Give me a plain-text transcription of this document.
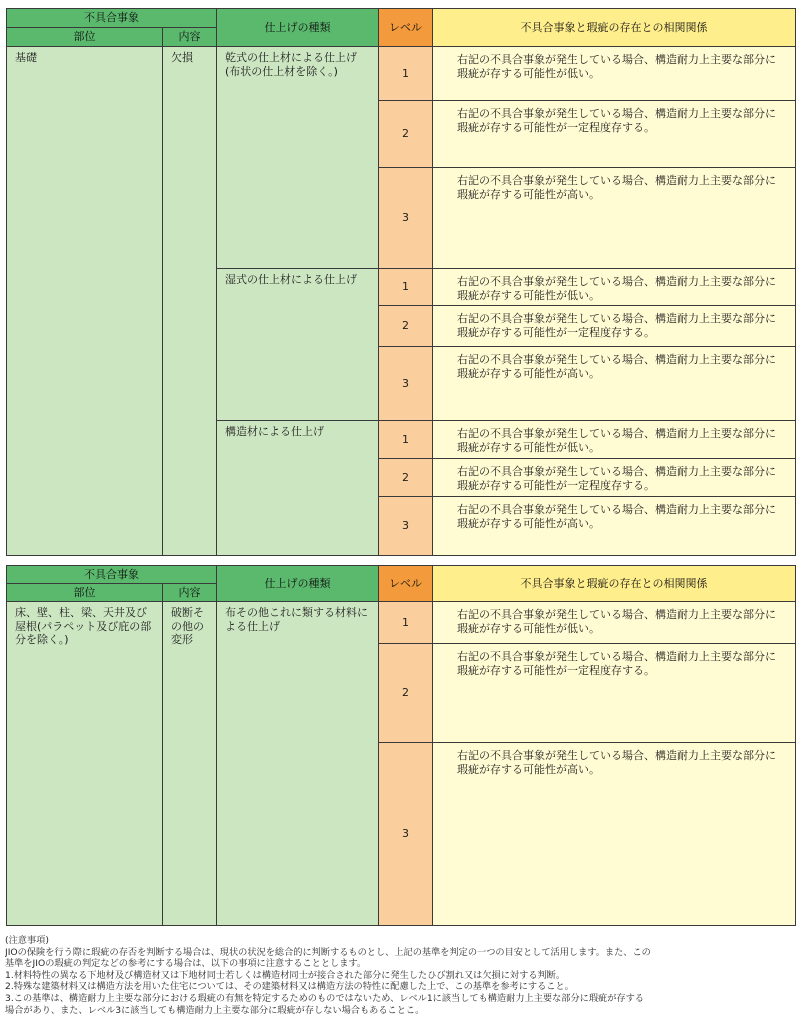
不具合事象		仕上げの種類	レベル	不具合事象と瑕疵の存在との相関関係
部位	内容			
基礎	欠損	乾式の仕上材による仕上げ(布状の仕上材を除く。)	1	右記の不具合事象が発生している場合、構造耐力上主要な部分に瑕疵が存する可能性が低い。

			2	右記の不具合事象が発生している場合、構造耐力上主要な部分に瑕疵が存する可能性が一定程度存する。

			3	右記の不具合事象が発生している場合、構造耐力上主要な部分に瑕疵が存する可能性が高い。

		湿式の仕上材による仕上げ	1	右記の不具合事象が発生している場合、構造耐力上主要な部分に瑕疵が存する可能性が低い。

			2	右記の不具合事象が発生している場合、構造耐力上主要な部分に瑕疵が存する可能性が一定程度存する。

			3	右記の不具合事象が発生している場合、構造耐力上主要な部分に瑕疵が存する可能性が高い。

		構造材による仕上げ	1	右記の不具合事象が発生している場合、構造耐力上主要な部分に瑕疵が存する可能性が低い。

			2	右記の不具合事象が発生している場合、構造耐力上主要な部分に瑕疵が存する可能性が一定程度存する。

			3	右記の不具合事象が発生している場合、構造耐力上主要な部分に瑕疵が存する可能性が高い。
不具合事象		仕上げの種類	レベル	不具合事象と瑕疵の存在との相関関係
部位	内容			
床、壁、柱、梁、天井及び屋根(パラペット及び庇の部分を除く。)	破断その他の変形	布その他これに類する材料による仕上げ	1	右記の不具合事象が発生している場合、構造耐力上主要な部分に瑕疵が存する可能性が低い。

			2	右記の不具合事象が発生している場合、構造耐力上主要な部分に瑕疵が存する可能性が一定程度存する。

			3	右記の不具合事象が発生している場合、構造耐力上主要な部分に瑕疵が存する可能性が高い。
(注意事項)
JIOの保険を行う際に瑕疵の存否を判断する場合は、現状の状況を総合的に判断するものとし、上記の基準を判定の一つの目安として活用します。また、この
基準をJIOの瑕疵の判定などの参考にする場合は、以下の事項に注意することとします。
1.材料特性の異なる下地材及び構造材又は下地材同士若しくは構造材同士が接合された部分に発生したひび割れ又は欠損に対する判断。
2.特殊な建築材料又は構造方法を用いた住宅については、その建築材料又は構造方法の特性に配慮した上で、この基準を参考にすること。
3.この基準は、構造耐力上主要な部分における瑕疵の有無を特定するためのものではないため、レベル1に該当しても構造耐力上主要な部分に瑕疵が存する
場合があり、また、レベル3に該当しても構造耐力上主要な部分に瑕疵が存しない場合もあることこ。
